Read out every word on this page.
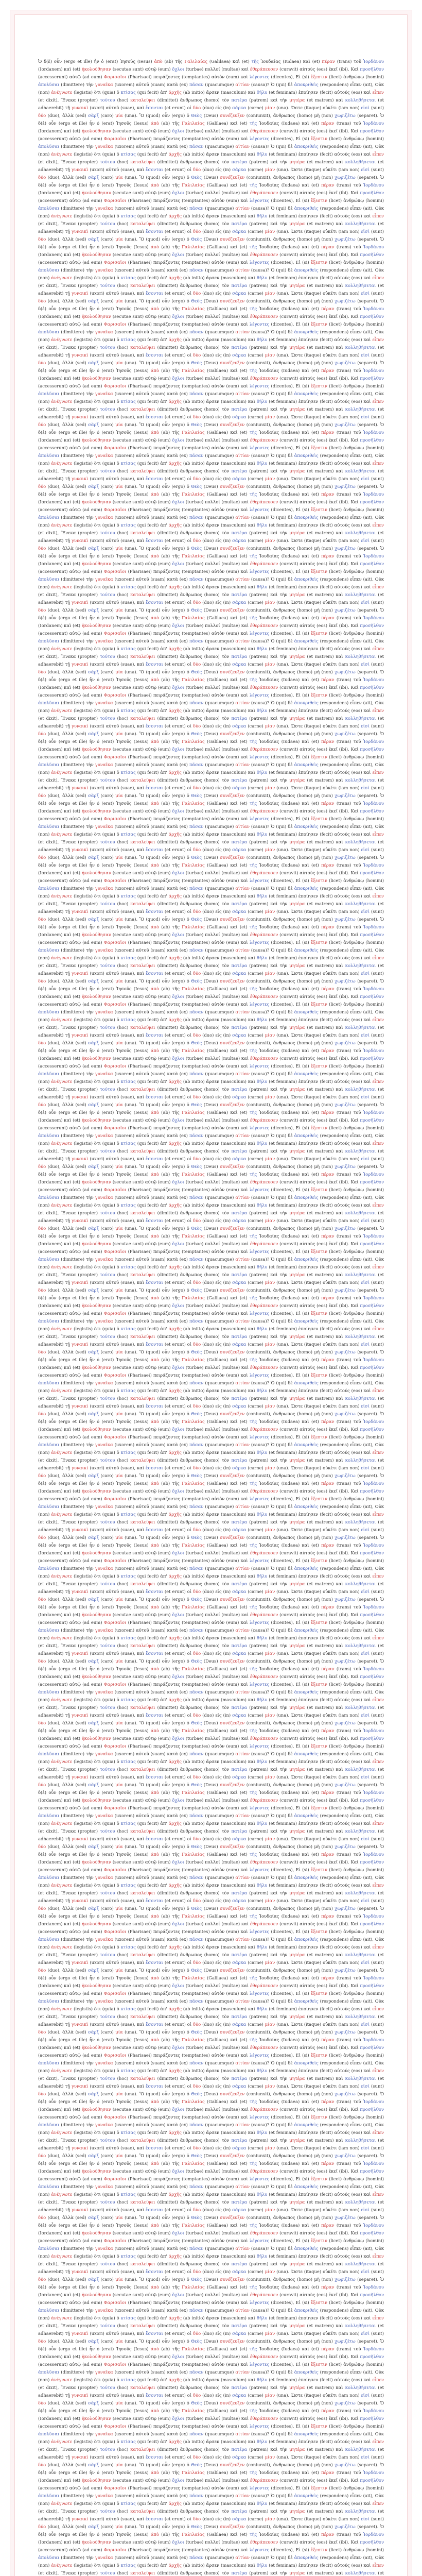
Ὁ δ(ὲ) οὖν (ergo et ille) ἦν ὁ (erat) Ἰησοῦς (Iesus) ἀπὸ (ab) τῆς Γαλιλαίας (Galilaea) καὶ (et) τῆς Ἰουδαίας (Iudaea) καὶ (et) πέραν (trans) τοῦ Ἰορδάνου (Iordanem) καὶ (et) ἠκολούθησαν (secutae sunt) αὐτῷ (eum) ὄχλοι (turbae) πολλοί (multae) καὶ ἐθεράπευσεν (curavit) αὐτοὺς (eos) ἐκεῖ (ibi). Καὶ προσῆλθον (accesserunt) αὐτῷ (ad eum) Φαρισαῖοι (Pharisaei) πειράζοντες (temptantes) αὐτὸν (eum) καὶ λέγοντες (dicentes), Εἰ (si) ἔξεστιν (licet) ἀνθρώπῳ (homini) ἀπολῦσαι (dimittere) τὴν γυναῖκα (uxorem) αὐτοῦ (suam) κατὰ (ex) πᾶσαν (quacumque) αἰτίαν (causa)? Ὁ (qui) δὲ ἀποκριθεὶς (respondens) εἶπεν (ait), Οὐκ (non) ἀνέγνωτε (legistis) ὅτι (quia) ὁ κτίσας (qui fecit) ἀπ' ἀρχῆς (ab initio) ἄρσεν (masculum) καὶ θῆλυ (et feminam) ἐποίησεν (fecit) αὐτούς (eos) καὶ εἶπεν (et dixit), Ἕνεκα (propter) τούτου (hoc) καταλείψει (dimittet) ἄνθρωπος (homo) τὸν πατέρα (patrem) καὶ τὴν μητέρα (et matrem) καὶ κολληθήσεται (et adhaerebit) τῇ γυναικὶ (uxori) αὐτοῦ (suae), καὶ ἔσονται (et erunt) οἱ δύο (duo) εἰς (in) σάρκα (carne) μίαν (una). Ὥστε (itaque) οὐκέτι (iam non) εἰσὶ (sunt) δύο (duo), ἀλλὰ (sed) σὰρξ (caro) μία (una). Ὃ (quod) οὖν (ergo) ὁ Θεὸς (Deus) συνέζευξεν (coniunxit), ἄνθρωπος (homo) μὴ (non) χωριζέτω (separet). Ὁ δ(ὲ) οὖν (ergo et ille) ἦν ὁ (erat) Ἰησοῦς (Iesus) ἀπὸ (ab) τῆς Γαλιλαίας (Galilaea) καὶ (et) τῆς Ἰουδαίας (Iudaea) καὶ (et) πέραν (trans) τοῦ Ἰορδάνου (Iordanem) καὶ (et) ἠκολούθησαν (secutae sunt) αὐτῷ (eum) ὄχλοι (turbae) πολλοί (multae) καὶ ἐθεράπευσεν (curavit) αὐτοὺς (eos) ἐκεῖ (ibi). Καὶ προσῆλθον (accesserunt) αὐτῷ (ad eum) Φαρισαῖοι (Pharisaei) πειράζοντες (temptantes) αὐτὸν (eum) καὶ λέγοντες (dicentes), Εἰ (si) ἔξεστιν (licet) ἀνθρώπῳ (homini) ἀπολῦσαι (dimittere) τὴν γυναῖκα (uxorem) αὐτοῦ (suam) κατὰ (ex) πᾶσαν (quacumque) αἰτίαν (causa)? Ὁ (qui) δὲ ἀποκριθεὶς (respondens) εἶπεν (ait), Οὐκ (non) ἀνέγνωτε (legistis) ὅτι (quia) ὁ κτίσας (qui fecit) ἀπ' ἀρχῆς (ab initio) ἄρσεν (masculum) καὶ θῆλυ (et feminam) ἐποίησεν (fecit) αὐτούς (eos) καὶ εἶπεν (et dixit), Ἕνεκα (propter) τούτου (hoc) καταλείψει (dimittet) ἄνθρωπος (homo) τὸν πατέρα (patrem) καὶ τὴν μητέρα (et matrem) καὶ κολληθήσεται (et adhaerebit) τῇ γυναικὶ (uxori) αὐτοῦ (suae), καὶ ἔσονται (et erunt) οἱ δύο (duo) εἰς (in) σάρκα (carne) μίαν (una). Ὥστε (itaque) οὐκέτι (iam non) εἰσὶ (sunt) δύο (duo), ἀλλὰ (sed) σὰρξ (caro) μία (una). Ὃ (quod) οὖν (ergo) ὁ Θεὸς (Deus) συνέζευξεν (coniunxit), ἄνθρωπος (homo) μὴ (non) χωριζέτω (separet). Ὁ δ(ὲ) οὖν (ergo et ille) ἦν ὁ (erat) Ἰησοῦς (Iesus) ἀπὸ (ab) τῆς Γαλιλαίας (Galilaea) καὶ (et) τῆς Ἰουδαίας (Iudaea) καὶ (et) πέραν (trans) τοῦ Ἰορδάνου (Iordanem) καὶ (et) ἠκολούθησαν (secutae sunt) αὐτῷ (eum) ὄχλοι (turbae) πολλοί (multae) καὶ ἐθεράπευσεν (curavit) αὐτοὺς (eos) ἐκεῖ (ibi). Καὶ προσῆλθον (accesserunt) αὐτῷ (ad eum) Φαρισαῖοι (Pharisaei) πειράζοντες (temptantes) αὐτὸν (eum) καὶ λέγοντες (dicentes), Εἰ (si) ἔξεστιν (licet) ἀνθρώπῳ (homini) ἀπολῦσαι (dimittere) τὴν γυναῖκα (uxorem) αὐτοῦ (suam) κατὰ (ex) πᾶσαν (quacumque) αἰτίαν (causa)? Ὁ (qui) δὲ ἀποκριθεὶς (respondens) εἶπεν (ait), Οὐκ (non) ἀνέγνωτε (legistis) ὅτι (quia) ὁ κτίσας (qui fecit) ἀπ' ἀρχῆς (ab initio) ἄρσεν (masculum) καὶ θῆλυ (et feminam) ἐποίησεν (fecit) αὐτούς (eos) καὶ εἶπεν (et dixit), Ἕνεκα (propter) τούτου (hoc) καταλείψει (dimittet) ἄνθρωπος (homo) τὸν πατέρα (patrem) καὶ τὴν μητέρα (et matrem) καὶ κολληθήσεται (et adhaerebit) τῇ γυναικὶ (uxori) αὐτοῦ (suae), καὶ ἔσονται (et erunt) οἱ δύο (duo) εἰς (in) σάρκα (carne) μίαν (una). Ὥστε (itaque) οὐκέτι (iam non) εἰσὶ (sunt) δύο (duo), ἀλλὰ (sed) σὰρξ (caro) μία (una). Ὃ (quod) οὖν (ergo) ὁ Θεὸς (Deus) συνέζευξεν (coniunxit), ἄνθρωπος (homo) μὴ (non) χωριζέτω (separet). Ὁ δ(ὲ) οὖν (ergo et ille) ἦν ὁ (erat) Ἰησοῦς (Iesus) ἀπὸ (ab) τῆς Γαλιλαίας (Galilaea) καὶ (et) τῆς Ἰουδαίας (Iudaea) καὶ (et) πέραν (trans) τοῦ Ἰορδάνου (Iordanem) καὶ (et) ἠκολούθησαν (secutae sunt) αὐτῷ (eum) ὄχλοι (turbae) πολλοί (multae) καὶ ἐθεράπευσεν (curavit) αὐτοὺς (eos) ἐκεῖ (ibi). Καὶ προσῆλθον (accesserunt) αὐτῷ (ad eum) Φαρισαῖοι (Pharisaei) πειράζοντες (temptantes) αὐτὸν (eum) καὶ λέγοντες (dicentes), Εἰ (si) ἔξεστιν (licet) ἀνθρώπῳ (homini) ἀπολῦσαι (dimittere) τὴν γυναῖκα (uxorem) αὐτοῦ (suam) κατὰ (ex) πᾶσαν (quacumque) αἰτίαν (causa)? Ὁ (qui) δὲ ἀποκριθεὶς (respondens) εἶπεν (ait), Οὐκ (non) ἀνέγνωτε (legistis) ὅτι (quia) ὁ κτίσας (qui fecit) ἀπ' ἀρχῆς (ab initio) ἄρσεν (masculum) καὶ θῆλυ (et feminam) ἐποίησεν (fecit) αὐτούς (eos) καὶ εἶπεν (et dixit), Ἕνεκα (propter) τούτου (hoc) καταλείψει (dimittet) ἄνθρωπος (homo) τὸν πατέρα (patrem) καὶ τὴν μητέρα (et matrem) καὶ κολληθήσεται (et adhaerebit) τῇ γυναικὶ (uxori) αὐτοῦ (suae), καὶ ἔσονται (et erunt) οἱ δύο (duo) εἰς (in) σάρκα (carne) μίαν (una). Ὥστε (itaque) οὐκέτι (iam non) εἰσὶ (sunt) δύο (duo), ἀλλὰ (sed) σὰρξ (caro) μία (una). Ὃ (quod) οὖν (ergo) ὁ Θεὸς (Deus) συνέζευξεν (coniunxit), ἄνθρωπος (homo) μὴ (non) χωριζέτω (separet). Ὁ δ(ὲ) οὖν (ergo et ille) ἦν ὁ (erat) Ἰησοῦς (Iesus) ἀπὸ (ab) τῆς Γαλιλαίας (Galilaea) καὶ (et) τῆς Ἰουδαίας (Iudaea) καὶ (et) πέραν (trans) τοῦ Ἰορδάνου (Iordanem) καὶ (et) ἠκολούθησαν (secutae sunt) αὐτῷ (eum) ὄχλοι (turbae) πολλοί (multae) καὶ ἐθεράπευσεν (curavit) αὐτοὺς (eos) ἐκεῖ (ibi). Καὶ προσῆλθον (accesserunt) αὐτῷ (ad eum) Φαρισαῖοι (Pharisaei) πειράζοντες (temptantes) αὐτὸν (eum) καὶ λέγοντες (dicentes), Εἰ (si) ἔξεστιν (licet) ἀνθρώπῳ (homini) ἀπολῦσαι (dimittere) τὴν γυναῖκα (uxorem) αὐτοῦ (suam) κατὰ (ex) πᾶσαν (quacumque) αἰτίαν (causa)? Ὁ (qui) δὲ ἀποκριθεὶς (respondens) εἶπεν (ait), Οὐκ (non) ἀνέγνωτε (legistis) ὅτι (quia) ὁ κτίσας (qui fecit) ἀπ' ἀρχῆς (ab initio) ἄρσεν (masculum) καὶ θῆλυ (et feminam) ἐποίησεν (fecit) αὐτούς (eos) καὶ εἶπεν (et dixit), Ἕνεκα (propter) τούτου (hoc) καταλείψει (dimittet) ἄνθρωπος (homo) τὸν πατέρα (patrem) καὶ τὴν μητέρα (et matrem) καὶ κολληθήσεται (et adhaerebit) τῇ γυναικὶ (uxori) αὐτοῦ (suae), καὶ ἔσονται (et erunt) οἱ δύο (duo) εἰς (in) σάρκα (carne) μίαν (una). Ὥστε (itaque) οὐκέτι (iam non) εἰσὶ (sunt) δύο (duo), ἀλλὰ (sed) σὰρξ (caro) μία (una). Ὃ (quod) οὖν (ergo) ὁ Θεὸς (Deus) συνέζευξεν (coniunxit), ἄνθρωπος (homo) μὴ (non) χωριζέτω (separet). Ὁ δ(ὲ) οὖν (ergo et ille) ἦν ὁ (erat) Ἰησοῦς (Iesus) ἀπὸ (ab) τῆς Γαλιλαίας (Galilaea) καὶ (et) τῆς Ἰουδαίας (Iudaea) καὶ (et) πέραν (trans) τοῦ Ἰορδάνου (Iordanem) καὶ (et) ἠκολούθησαν (secutae sunt) αὐτῷ (eum) ὄχλοι (turbae) πολλοί (multae) καὶ ἐθεράπευσεν (curavit) αὐτοὺς (eos) ἐκεῖ (ibi). Καὶ προσῆλθον (accesserunt) αὐτῷ (ad eum) Φαρισαῖοι (Pharisaei) πειράζοντες (temptantes) αὐτὸν (eum) καὶ λέγοντες (dicentes), Εἰ (si) ἔξεστιν (licet) ἀνθρώπῳ (homini) ἀπολῦσαι (dimittere) τὴν γυναῖκα (uxorem) αὐτοῦ (suam) κατὰ (ex) πᾶσαν (quacumque) αἰτίαν (causa)? Ὁ (qui) δὲ ἀποκριθεὶς (respondens) εἶπεν (ait), Οὐκ (non) ἀνέγνωτε (legistis) ὅτι (quia) ὁ κτίσας (qui fecit) ἀπ' ἀρχῆς (ab initio) ἄρσεν (masculum) καὶ θῆλυ (et feminam) ἐποίησεν (fecit) αὐτούς (eos) καὶ εἶπεν (et dixit), Ἕνεκα (propter) τούτου (hoc) καταλείψει (dimittet) ἄνθρωπος (homo) τὸν πατέρα (patrem) καὶ τὴν μητέρα (et matrem) καὶ κολληθήσεται (et adhaerebit) τῇ γυναικὶ (uxori) αὐτοῦ (suae), καὶ ἔσονται (et erunt) οἱ δύο (duo) εἰς (in) σάρκα (carne) μίαν (una). Ὥστε (itaque) οὐκέτι (iam non) εἰσὶ (sunt) δύο (duo), ἀλλὰ (sed) σὰρξ (caro) μία (una). Ὃ (quod) οὖν (ergo) ὁ Θεὸς (Deus) συνέζευξεν (coniunxit), ἄνθρωπος (homo) μὴ (non) χωριζέτω (separet). Ὁ δ(ὲ) οὖν (ergo et ille) ἦν ὁ (erat) Ἰησοῦς (Iesus) ἀπὸ (ab) τῆς Γαλιλαίας (Galilaea) καὶ (et) τῆς Ἰουδαίας (Iudaea) καὶ (et) πέραν (trans) τοῦ Ἰορδάνου (Iordanem) καὶ (et) ἠκολούθησαν (secutae sunt) αὐτῷ (eum) ὄχλοι (turbae) πολλοί (multae) καὶ ἐθεράπευσεν (curavit) αὐτοὺς (eos) ἐκεῖ (ibi). Καὶ προσῆλθον (accesserunt) αὐτῷ (ad eum) Φαρισαῖοι (Pharisaei) πειράζοντες (temptantes) αὐτὸν (eum) καὶ λέγοντες (dicentes), Εἰ (si) ἔξεστιν (licet) ἀνθρώπῳ (homini) ἀπολῦσαι (dimittere) τὴν γυναῖκα (uxorem) αὐτοῦ (suam) κατὰ (ex) πᾶσαν (quacumque) αἰτίαν (causa)? Ὁ (qui) δὲ ἀποκριθεὶς (respondens) εἶπεν (ait), Οὐκ (non) ἀνέγνωτε (legistis) ὅτι (quia) ὁ κτίσας (qui fecit) ἀπ' ἀρχῆς (ab initio) ἄρσεν (masculum) καὶ θῆλυ (et feminam) ἐποίησεν (fecit) αὐτούς (eos) καὶ εἶπεν (et dixit), Ἕνεκα (propter) τούτου (hoc) καταλείψει (dimittet) ἄνθρωπος (homo) τὸν πατέρα (patrem) καὶ τὴν μητέρα (et matrem) καὶ κολληθήσεται (et adhaerebit) τῇ γυναικὶ (uxori) αὐτοῦ (suae), καὶ ἔσονται (et erunt) οἱ δύο (duo) εἰς (in) σάρκα (carne) μίαν (una). Ὥστε (itaque) οὐκέτι (iam non) εἰσὶ (sunt) δύο (duo), ἀλλὰ (sed) σὰρξ (caro) μία (una). Ὃ (quod) οὖν (ergo) ὁ Θεὸς (Deus) συνέζευξεν (coniunxit), ἄνθρωπος (homo) μὴ (non) χωριζέτω (separet). Ὁ δ(ὲ) οὖν (ergo et ille) ἦν ὁ (erat) Ἰησοῦς (Iesus) ἀπὸ (ab) τῆς Γαλιλαίας (Galilaea) καὶ (et) τῆς Ἰουδαίας (Iudaea) καὶ (et) πέραν (trans) τοῦ Ἰορδάνου (Iordanem) καὶ (et) ἠκολούθησαν (secutae sunt) αὐτῷ (eum) ὄχλοι (turbae) πολλοί (multae) καὶ ἐθεράπευσεν (curavit) αὐτοὺς (eos) ἐκεῖ (ibi). Καὶ προσῆλθον (accesserunt) αὐτῷ (ad eum) Φαρισαῖοι (Pharisaei) πειράζοντες (temptantes) αὐτὸν (eum) καὶ λέγοντες (dicentes), Εἰ (si) ἔξεστιν (licet) ἀνθρώπῳ (homini) ἀπολῦσαι (dimittere) τὴν γυναῖκα (uxorem) αὐτοῦ (suam) κατὰ (ex) πᾶσαν (quacumque) αἰτίαν (causa)? Ὁ (qui) δὲ ἀποκριθεὶς (respondens) εἶπεν (ait), Οὐκ (non) ἀνέγνωτε (legistis) ὅτι (quia) ὁ κτίσας (qui fecit) ἀπ' ἀρχῆς (ab initio) ἄρσεν (masculum) καὶ θῆλυ (et feminam) ἐποίησεν (fecit) αὐτούς (eos) καὶ εἶπεν (et dixit), Ἕνεκα (propter) τούτου (hoc) καταλείψει (dimittet) ἄνθρωπος (homo) τὸν πατέρα (patrem) καὶ τὴν μητέρα (et matrem) καὶ κολληθήσεται (et adhaerebit) τῇ γυναικὶ (uxori) αὐτοῦ (suae), καὶ ἔσονται (et erunt) οἱ δύο (duo) εἰς (in) σάρκα (carne) μίαν (una). Ὥστε (itaque) οὐκέτι (iam non) εἰσὶ (sunt) δύο (duo), ἀλλὰ (sed) σὰρξ (caro) μία (una). Ὃ (quod) οὖν (ergo) ὁ Θεὸς (Deus) συνέζευξεν (coniunxit), ἄνθρωπος (homo) μὴ (non) χωριζέτω (separet). Ὁ δ(ὲ) οὖν (ergo et ille) ἦν ὁ (erat) Ἰησοῦς (Iesus) ἀπὸ (ab) τῆς Γαλιλαίας (Galilaea) καὶ (et) τῆς Ἰουδαίας (Iudaea) καὶ (et) πέραν (trans) τοῦ Ἰορδάνου (Iordanem) καὶ (et) ἠκολούθησαν (secutae sunt) αὐτῷ (eum) ὄχλοι (turbae) πολλοί (multae) καὶ ἐθεράπευσεν (curavit) αὐτοὺς (eos) ἐκεῖ (ibi). Καὶ προσῆλθον (accesserunt) αὐτῷ (ad eum) Φαρισαῖοι (Pharisaei) πειράζοντες (temptantes) αὐτὸν (eum) καὶ λέγοντες (dicentes), Εἰ (si) ἔξεστιν (licet) ἀνθρώπῳ (homini) ἀπολῦσαι (dimittere) τὴν γυναῖκα (uxorem) αὐτοῦ (suam) κατὰ (ex) πᾶσαν (quacumque) αἰτίαν (causa)? Ὁ (qui) δὲ ἀποκριθεὶς (respondens) εἶπεν (ait), Οὐκ (non) ἀνέγνωτε (legistis) ὅτι (quia) ὁ κτίσας (qui fecit) ἀπ' ἀρχῆς (ab initio) ἄρσεν (masculum) καὶ θῆλυ (et feminam) ἐποίησεν (fecit) αὐτούς (eos) καὶ εἶπεν (et dixit), Ἕνεκα (propter) τούτου (hoc) καταλείψει (dimittet) ἄνθρωπος (homo) τὸν πατέρα (patrem) καὶ τὴν μητέρα (et matrem) καὶ κολληθήσεται (et adhaerebit) τῇ γυναικὶ (uxori) αὐτοῦ (suae), καὶ ἔσονται (et erunt) οἱ δύο (duo) εἰς (in) σάρκα (carne) μίαν (una). Ὥστε (itaque) οὐκέτι (iam non) εἰσὶ (sunt) δύο (duo), ἀλλὰ (sed) σὰρξ (caro) μία (una). Ὃ (quod) οὖν (ergo) ὁ Θεὸς (Deus) συνέζευξεν (coniunxit), ἄνθρωπος (homo) μὴ (non) χωριζέτω (separet). Ὁ δ(ὲ) οὖν (ergo et ille) ἦν ὁ (erat) Ἰησοῦς (Iesus) ἀπὸ (ab) τῆς Γαλιλαίας (Galilaea) καὶ (et) τῆς Ἰουδαίας (Iudaea) καὶ (et) πέραν (trans) τοῦ Ἰορδάνου (Iordanem) καὶ (et) ἠκολούθησαν (secutae sunt) αὐτῷ (eum) ὄχλοι (turbae) πολλοί (multae) καὶ ἐθεράπευσεν (curavit) αὐτοὺς (eos) ἐκεῖ (ibi). Καὶ προσῆλθον (accesserunt) αὐτῷ (ad eum) Φαρισαῖοι (Pharisaei) πειράζοντες (temptantes) αὐτὸν (eum) καὶ λέγοντες (dicentes), Εἰ (si) ἔξεστιν (licet) ἀνθρώπῳ (homini) ἀπολῦσαι (dimittere) τὴν γυναῖκα (uxorem) αὐτοῦ (suam) κατὰ (ex) πᾶσαν (quacumque) αἰτίαν (causa)? Ὁ (qui) δὲ ἀποκριθεὶς (respondens) εἶπεν (ait), Οὐκ (non) ἀνέγνωτε (legistis) ὅτι (quia) ὁ κτίσας (qui fecit) ἀπ' ἀρχῆς (ab initio) ἄρσεν (masculum) καὶ θῆλυ (et feminam) ἐποίησεν (fecit) αὐτούς (eos) καὶ εἶπεν (et dixit), Ἕνεκα (propter) τούτου (hoc) καταλείψει (dimittet) ἄνθρωπος (homo) τὸν πατέρα (patrem) καὶ τὴν μητέρα (et matrem) καὶ κολληθήσεται (et adhaerebit) τῇ γυναικὶ (uxori) αὐτοῦ (suae), καὶ ἔσονται (et erunt) οἱ δύο (duo) εἰς (in) σάρκα (carne) μίαν (una). Ὥστε (itaque) οὐκέτι (iam non) εἰσὶ (sunt) δύο (duo), ἀλλὰ (sed) σὰρξ (caro) μία (una). Ὃ (quod) οὖν (ergo) ὁ Θεὸς (Deus) συνέζευξεν (coniunxit), ἄνθρωπος (homo) μὴ (non) χωριζέτω (separet). Ὁ δ(ὲ) οὖν (ergo et ille) ἦν ὁ (erat) Ἰησοῦς (Iesus) ἀπὸ (ab) τῆς Γαλιλαίας (Galilaea) καὶ (et) τῆς Ἰουδαίας (Iudaea) καὶ (et) πέραν (trans) τοῦ Ἰορδάνου (Iordanem) καὶ (et) ἠκολούθησαν (secutae sunt) αὐτῷ (eum) ὄχλοι (turbae) πολλοί (multae) καὶ ἐθεράπευσεν (curavit) αὐτοὺς (eos) ἐκεῖ (ibi). Καὶ προσῆλθον (accesserunt) αὐτῷ (ad eum) Φαρισαῖοι (Pharisaei) πειράζοντες (temptantes) αὐτὸν (eum) καὶ λέγοντες (dicentes), Εἰ (si) ἔξεστιν (licet) ἀνθρώπῳ (homini) ἀπολῦσαι (dimittere) τὴν γυναῖκα (uxorem) αὐτοῦ (suam) κατὰ (ex) πᾶσαν (quacumque) αἰτίαν (causa)? Ὁ (qui) δὲ ἀποκριθεὶς (respondens) εἶπεν (ait), Οὐκ (non) ἀνέγνωτε (legistis) ὅτι (quia) ὁ κτίσας (qui fecit) ἀπ' ἀρχῆς (ab initio) ἄρσεν (masculum) καὶ θῆλυ (et feminam) ἐποίησεν (fecit) αὐτούς (eos) καὶ εἶπεν (et dixit), Ἕνεκα (propter) τούτου (hoc) καταλείψει (dimittet) ἄνθρωπος (homo) τὸν πατέρα (patrem) καὶ τὴν μητέρα (et matrem) καὶ κολληθήσεται (et adhaerebit) τῇ γυναικὶ (uxori) αὐτοῦ (suae), καὶ ἔσονται (et erunt) οἱ δύο (duo) εἰς (in) σάρκα (carne) μίαν (una). Ὥστε (itaque) οὐκέτι (iam non) εἰσὶ (sunt) δύο (duo), ἀλλὰ (sed) σὰρξ (caro) μία (una). Ὃ (quod) οὖν (ergo) ὁ Θεὸς (Deus) συνέζευξεν (coniunxit), ἄνθρωπος (homo) μὴ (non) χωριζέτω (separet). Ὁ δ(ὲ) οὖν (ergo et ille) ἦν ὁ (erat) Ἰησοῦς (Iesus) ἀπὸ (ab) τῆς Γαλιλαίας (Galilaea) καὶ (et) τῆς Ἰουδαίας (Iudaea) καὶ (et) πέραν (trans) τοῦ Ἰορδάνου (Iordanem) καὶ (et) ἠκολούθησαν (secutae sunt) αὐτῷ (eum) ὄχλοι (turbae) πολλοί (multae) καὶ ἐθεράπευσεν (curavit) αὐτοὺς (eos) ἐκεῖ (ibi). Καὶ προσῆλθον (accesserunt) αὐτῷ (ad eum) Φαρισαῖοι (Pharisaei) πειράζοντες (temptantes) αὐτὸν (eum) καὶ λέγοντες (dicentes), Εἰ (si) ἔξεστιν (licet) ἀνθρώπῳ (homini) ἀπολῦσαι (dimittere) τὴν γυναῖκα (uxorem) αὐτοῦ (suam) κατὰ (ex) πᾶσαν (quacumque) αἰτίαν (causa)? Ὁ (qui) δὲ ἀποκριθεὶς (respondens) εἶπεν (ait), Οὐκ (non) ἀνέγνωτε (legistis) ὅτι (quia) ὁ κτίσας (qui fecit) ἀπ' ἀρχῆς (ab initio) ἄρσεν (masculum) καὶ θῆλυ (et feminam) ἐποίησεν (fecit) αὐτούς (eos) καὶ εἶπεν (et dixit), Ἕνεκα (propter) τούτου (hoc) καταλείψει (dimittet) ἄνθρωπος (homo) τὸν πατέρα (patrem) καὶ τὴν μητέρα (et matrem) καὶ κολληθήσεται (et adhaerebit) τῇ γυναικὶ (uxori) αὐτοῦ (suae), καὶ ἔσονται (et erunt) οἱ δύο (duo) εἰς (in) σάρκα (carne) μίαν (una). Ὥστε (itaque) οὐκέτι (iam non) εἰσὶ (sunt) δύο (duo), ἀλλὰ (sed) σὰρξ (caro) μία (una). Ὃ (quod) οὖν (ergo) ὁ Θεὸς (Deus) συνέζευξεν (coniunxit), ἄνθρωπος (homo) μὴ (non) χωριζέτω (separet). Ὁ δ(ὲ) οὖν (ergo et ille) ἦν ὁ (erat) Ἰησοῦς (Iesus) ἀπὸ (ab) τῆς Γαλιλαίας (Galilaea) καὶ (et) τῆς Ἰουδαίας (Iudaea) καὶ (et) πέραν (trans) τοῦ Ἰορδάνου (Iordanem) καὶ (et) ἠκολούθησαν (secutae sunt) αὐτῷ (eum) ὄχλοι (turbae) πολλοί (multae) καὶ ἐθεράπευσεν (curavit) αὐτοὺς (eos) ἐκεῖ (ibi). Καὶ προσῆλθον (accesserunt) αὐτῷ (ad eum) Φαρισαῖοι (Pharisaei) πειράζοντες (temptantes) αὐτὸν (eum) καὶ λέγοντες (dicentes), Εἰ (si) ἔξεστιν (licet) ἀνθρώπῳ (homini) ἀπολῦσαι (dimittere) τὴν γυναῖκα (uxorem) αὐτοῦ (suam) κατὰ (ex) πᾶσαν (quacumque) αἰτίαν (causa)? Ὁ (qui) δὲ ἀποκριθεὶς (respondens) εἶπεν (ait), Οὐκ (non) ἀνέγνωτε (legistis) ὅτι (quia) ὁ κτίσας (qui fecit) ἀπ' ἀρχῆς (ab initio) ἄρσεν (masculum) καὶ θῆλυ (et feminam) ἐποίησεν (fecit) αὐτούς (eos) καὶ εἶπεν (et dixit), Ἕνεκα (propter) τούτου (hoc) καταλείψει (dimittet) ἄνθρωπος (homo) τὸν πατέρα (patrem) καὶ τὴν μητέρα (et matrem) καὶ κολληθήσεται (et adhaerebit) τῇ γυναικὶ (uxori) αὐτοῦ (suae), καὶ ἔσονται (et erunt) οἱ δύο (duo) εἰς (in) σάρκα (carne) μίαν (una). Ὥστε (itaque) οὐκέτι (iam non) εἰσὶ (sunt) δύο (duo), ἀλλὰ (sed) σὰρξ (caro) μία (una). Ὃ (quod) οὖν (ergo) ὁ Θεὸς (Deus) συνέζευξεν (coniunxit), ἄνθρωπος (homo) μὴ (non) χωριζέτω (separet). Ὁ δ(ὲ) οὖν (ergo et ille) ἦν ὁ (erat) Ἰησοῦς (Iesus) ἀπὸ (ab) τῆς Γαλιλαίας (Galilaea) καὶ (et) τῆς Ἰουδαίας (Iudaea) καὶ (et) πέραν (trans) τοῦ Ἰορδάνου (Iordanem) καὶ (et) ἠκολούθησαν (secutae sunt) αὐτῷ (eum) ὄχλοι (turbae) πολλοί (multae) καὶ ἐθεράπευσεν (curavit) αὐτοὺς (eos) ἐκεῖ (ibi). Καὶ προσῆλθον (accesserunt) αὐτῷ (ad eum) Φαρισαῖοι (Pharisaei) πειράζοντες (temptantes) αὐτὸν (eum) καὶ λέγοντες (dicentes), Εἰ (si) ἔξεστιν (licet) ἀνθρώπῳ (homini) ἀπολῦσαι (dimittere) τὴν γυναῖκα (uxorem) αὐτοῦ (suam) κατὰ (ex) πᾶσαν (quacumque) αἰτίαν (causa)? Ὁ (qui) δὲ ἀποκριθεὶς (respondens) εἶπεν (ait), Οὐκ (non) ἀνέγνωτε (legistis) ὅτι (quia) ὁ κτίσας (qui fecit) ἀπ' ἀρχῆς (ab initio) ἄρσεν (masculum) καὶ θῆλυ (et feminam) ἐποίησεν (fecit) αὐτούς (eos) καὶ εἶπεν (et dixit), Ἕνεκα (propter) τούτου (hoc) καταλείψει (dimittet) ἄνθρωπος (homo) τὸν πατέρα (patrem) καὶ τὴν μητέρα (et matrem) καὶ κολληθήσεται (et adhaerebit) τῇ γυναικὶ (uxori) αὐτοῦ (suae), καὶ ἔσονται (et erunt) οἱ δύο (duo) εἰς (in) σάρκα (carne) μίαν (una). Ὥστε (itaque) οὐκέτι (iam non) εἰσὶ (sunt) δύο (duo), ἀλλὰ (sed) σὰρξ (caro) μία (una). Ὃ (quod) οὖν (ergo) ὁ Θεὸς (Deus) συνέζευξεν (coniunxit), ἄνθρωπος (homo) μὴ (non) χωριζέτω (separet). Ὁ δ(ὲ) οὖν (ergo et ille) ἦν ὁ (erat) Ἰησοῦς (Iesus) ἀπὸ (ab) τῆς Γαλιλαίας (Galilaea) καὶ (et) τῆς Ἰουδαίας (Iudaea) καὶ (et) πέραν (trans) τοῦ Ἰορδάνου (Iordanem) καὶ (et) ἠκολούθησαν (secutae sunt) αὐτῷ (eum) ὄχλοι (turbae) πολλοί (multae) καὶ ἐθεράπευσεν (curavit) αὐτοὺς (eos) ἐκεῖ (ibi). Καὶ προσῆλθον (accesserunt) αὐτῷ (ad eum) Φαρισαῖοι (Pharisaei) πειράζοντες (temptantes) αὐτὸν (eum) καὶ λέγοντες (dicentes), Εἰ (si) ἔξεστιν (licet) ἀνθρώπῳ (homini) ἀπολῦσαι (dimittere) τὴν γυναῖκα (uxorem) αὐτοῦ (suam) κατὰ (ex) πᾶσαν (quacumque) αἰτίαν (causa)? Ὁ (qui) δὲ ἀποκριθεὶς (respondens) εἶπεν (ait), Οὐκ (non) ἀνέγνωτε (legistis) ὅτι (quia) ὁ κτίσας (qui fecit) ἀπ' ἀρχῆς (ab initio) ἄρσεν (masculum) καὶ θῆλυ (et feminam) ἐποίησεν (fecit) αὐτούς (eos) καὶ εἶπεν (et dixit), Ἕνεκα (propter) τούτου (hoc) καταλείψει (dimittet) ἄνθρωπος (homo) τὸν πατέρα (patrem) καὶ τὴν μητέρα (et matrem) καὶ κολληθήσεται (et adhaerebit) τῇ γυναικὶ (uxori) αὐτοῦ (suae), καὶ ἔσονται (et erunt) οἱ δύο (duo) εἰς (in) σάρκα (carne) μίαν (una). Ὥστε (itaque) οὐκέτι (iam non) εἰσὶ (sunt) δύο (duo), ἀλλὰ (sed) σὰρξ (caro) μία (una). Ὃ (quod) οὖν (ergo) ὁ Θεὸς (Deus) συνέζευξεν (coniunxit), ἄνθρωπος (homo) μὴ (non) χωριζέτω (separet). Ὁ δ(ὲ) οὖν (ergo et ille) ἦν ὁ (erat) Ἰησοῦς (Iesus) ἀπὸ (ab) τῆς Γαλιλαίας (Galilaea) καὶ (et) τῆς Ἰουδαίας (Iudaea) καὶ (et) πέραν (trans) τοῦ Ἰορδάνου (Iordanem) καὶ (et) ἠκολούθησαν (secutae sunt) αὐτῷ (eum) ὄχλοι (turbae) πολλοί (multae) καὶ ἐθεράπευσεν (curavit) αὐτοὺς (eos) ἐκεῖ (ibi). Καὶ προσῆλθον (accesserunt) αὐτῷ (ad eum) Φαρισαῖοι (Pharisaei) πειράζοντες (temptantes) αὐτὸν (eum) καὶ λέγοντες (dicentes), Εἰ (si) ἔξεστιν (licet) ἀνθρώπῳ (homini) ἀπολῦσαι (dimittere) τὴν γυναῖκα (uxorem) αὐτοῦ (suam) κατὰ (ex) πᾶσαν (quacumque) αἰτίαν (causa)? Ὁ (qui) δὲ ἀποκριθεὶς (respondens) εἶπεν (ait), Οὐκ (non) ἀνέγνωτε (legistis) ὅτι (quia) ὁ κτίσας (qui fecit) ἀπ' ἀρχῆς (ab initio) ἄρσεν (masculum) καὶ θῆλυ (et feminam) ἐποίησεν (fecit) αὐτούς (eos) καὶ εἶπεν (et dixit), Ἕνεκα (propter) τούτου (hoc) καταλείψει (dimittet) ἄνθρωπος (homo) τὸν πατέρα (patrem) καὶ τὴν μητέρα (et matrem) καὶ κολληθήσεται (et adhaerebit) τῇ γυναικὶ (uxori) αὐτοῦ (suae), καὶ ἔσονται (et erunt) οἱ δύο (duo) εἰς (in) σάρκα (carne) μίαν (una). Ὥστε (itaque) οὐκέτι (iam non) εἰσὶ (sunt) δύο (duo), ἀλλὰ (sed) σὰρξ (caro) μία (una). Ὃ (quod) οὖν (ergo) ὁ Θεὸς (Deus) συνέζευξεν (coniunxit), ἄνθρωπος (homo) μὴ (non) χωριζέτω (separet). Ὁ δ(ὲ) οὖν (ergo et ille) ἦν ὁ (erat) Ἰησοῦς (Iesus) ἀπὸ (ab) τῆς Γαλιλαίας (Galilaea) καὶ (et) τῆς Ἰουδαίας (Iudaea) καὶ (et) πέραν (trans) τοῦ Ἰορδάνου (Iordanem) καὶ (et) ἠκολούθησαν (secutae sunt) αὐτῷ (eum) ὄχλοι (turbae) πολλοί (multae) καὶ ἐθεράπευσεν (curavit) αὐτοὺς (eos) ἐκεῖ (ibi). Καὶ προσῆλθον (accesserunt) αὐτῷ (ad eum) Φαρισαῖοι (Pharisaei) πειράζοντες (temptantes) αὐτὸν (eum) καὶ λέγοντες (dicentes), Εἰ (si) ἔξεστιν (licet) ἀνθρώπῳ (homini) ἀπολῦσαι (dimittere) τὴν γυναῖκα (uxorem) αὐτοῦ (suam) κατὰ (ex) πᾶσαν (quacumque) αἰτίαν (causa)? Ὁ (qui) δὲ ἀποκριθεὶς (respondens) εἶπεν (ait), Οὐκ (non) ἀνέγνωτε (legistis) ὅτι (quia) ὁ κτίσας (qui fecit) ἀπ' ἀρχῆς (ab initio) ἄρσεν (masculum) καὶ θῆλυ (et feminam) ἐποίησεν (fecit) αὐτούς (eos) καὶ εἶπεν (et dixit), Ἕνεκα (propter) τούτου (hoc) καταλείψει (dimittet) ἄνθρωπος (homo) τὸν πατέρα (patrem) καὶ τὴν μητέρα (et matrem) καὶ κολληθήσεται (et adhaerebit) τῇ γυναικὶ (uxori) αὐτοῦ (suae), καὶ ἔσονται (et erunt) οἱ δύο (duo) εἰς (in) σάρκα (carne) μίαν (una). Ὥστε (itaque) οὐκέτι (iam non) εἰσὶ (sunt) δύο (duo), ἀλλὰ (sed) σὰρξ (caro) μία (una). Ὃ (quod) οὖν (ergo) ὁ Θεὸς (Deus) συνέζευξεν (coniunxit), ἄνθρωπος (homo) μὴ (non) χωριζέτω (separet). Ὁ δ(ὲ) οὖν (ergo et ille) ἦν ὁ (erat) Ἰησοῦς (Iesus) ἀπὸ (ab) τῆς Γαλιλαίας (Galilaea) καὶ (et) τῆς Ἰουδαίας (Iudaea) καὶ (et) πέραν (trans) τοῦ Ἰορδάνου (Iordanem) καὶ (et) ἠκολούθησαν (secutae sunt) αὐτῷ (eum) ὄχλοι (turbae) πολλοί (multae) καὶ ἐθεράπευσεν (curavit) αὐτοὺς (eos) ἐκεῖ (ibi). Καὶ προσῆλθον (accesserunt) αὐτῷ (ad eum) Φαρισαῖοι (Pharisaei) πειράζοντες (temptantes) αὐτὸν (eum) καὶ λέγοντες (dicentes), Εἰ (si) ἔξεστιν (licet) ἀνθρώπῳ (homini) ἀπολῦσαι (dimittere) τὴν γυναῖκα (uxorem) αὐτοῦ (suam) κατὰ (ex) πᾶσαν (quacumque) αἰτίαν (causa)? Ὁ (qui) δὲ ἀποκριθεὶς (respondens) εἶπεν (ait), Οὐκ (non) ἀνέγνωτε (legistis) ὅτι (quia) ὁ κτίσας (qui fecit) ἀπ' ἀρχῆς (ab initio) ἄρσεν (masculum) καὶ θῆλυ (et feminam) ἐποίησεν (fecit) αὐτούς (eos) καὶ εἶπεν (et dixit), Ἕνεκα (propter) τούτου (hoc) καταλείψει (dimittet) ἄνθρωπος (homo) τὸν πατέρα (patrem) καὶ τὴν μητέρα (et matrem) καὶ κολληθήσεται (et adhaerebit) τῇ γυναικὶ (uxori) αὐτοῦ (suae), καὶ ἔσονται (et erunt) οἱ δύο (duo) εἰς (in) σάρκα (carne) μίαν (una). Ὥστε (itaque) οὐκέτι (iam non) εἰσὶ (sunt) δύο (duo), ἀλλὰ (sed) σὰρξ (caro) μία (una). Ὃ (quod) οὖν (ergo) ὁ Θεὸς (Deus) συνέζευξεν (coniunxit), ἄνθρωπος (homo) μὴ (non) χωριζέτω (separet). Ὁ δ(ὲ) οὖν (ergo et ille) ἦν ὁ (erat) Ἰησοῦς (Iesus) ἀπὸ (ab) τῆς Γαλιλαίας (Galilaea) καὶ (et) τῆς Ἰουδαίας (Iudaea) καὶ (et) πέραν (trans) τοῦ Ἰορδάνου (Iordanem) καὶ (et) ἠκολούθησαν (secutae sunt) αὐτῷ (eum) ὄχλοι (turbae) πολλοί (multae) καὶ ἐθεράπευσεν (curavit) αὐτοὺς (eos) ἐκεῖ (ibi). Καὶ προσῆλθον (accesserunt) αὐτῷ (ad eum) Φαρισαῖοι (Pharisaei) πειράζοντες (temptantes) αὐτὸν (eum) καὶ λέγοντες (dicentes), Εἰ (si) ἔξεστιν (licet) ἀνθρώπῳ (homini) ἀπολῦσαι (dimittere) τὴν γυναῖκα (uxorem) αὐτοῦ (suam) κατὰ (ex) πᾶσαν (quacumque) αἰτίαν (causa)? Ὁ (qui) δὲ ἀποκριθεὶς (respondens) εἶπεν (ait), Οὐκ (non) ἀνέγνωτε (legistis) ὅτι (quia) ὁ κτίσας (qui fecit) ἀπ' ἀρχῆς (ab initio) ἄρσεν (masculum) καὶ θῆλυ (et feminam) ἐποίησεν (fecit) αὐτούς (eos) καὶ εἶπεν (et dixit), Ἕνεκα (propter) τούτου (hoc) καταλείψει (dimittet) ἄνθρωπος (homo) τὸν πατέρα (patrem) καὶ τὴν μητέρα (et matrem) καὶ κολληθήσεται (et adhaerebit) τῇ γυναικὶ (uxori) αὐτοῦ (suae), καὶ ἔσονται (et erunt) οἱ δύο (duo) εἰς (in) σάρκα (carne) μίαν (una). Ὥστε (itaque) οὐκέτι (iam non) εἰσὶ (sunt) δύο (duo), ἀλλὰ (sed) σὰρξ (caro) μία (una). Ὃ (quod) οὖν (ergo) ὁ Θεὸς (Deus) συνέζευξεν (coniunxit), ἄνθρωπος (homo) μὴ (non) χωριζέτω (separet). Ὁ δ(ὲ) οὖν (ergo et ille) ἦν ὁ (erat) Ἰησοῦς (Iesus) ἀπὸ (ab) τῆς Γαλιλαίας (Galilaea) καὶ (et) τῆς Ἰουδαίας (Iudaea) καὶ (et) πέραν (trans) τοῦ Ἰορδάνου (Iordanem) καὶ (et) ἠκολούθησαν (secutae sunt) αὐτῷ (eum) ὄχλοι (turbae) πολλοί (multae) καὶ ἐθεράπευσεν (curavit) αὐτοὺς (eos) ἐκεῖ (ibi). Καὶ προσῆλθον (accesserunt) αὐτῷ (ad eum) Φαρισαῖοι (Pharisaei) πειράζοντες (temptantes) αὐτὸν (eum) καὶ λέγοντες (dicentes), Εἰ (si) ἔξεστιν (licet) ἀνθρώπῳ (homini) ἀπολῦσαι (dimittere) τὴν γυναῖκα (uxorem) αὐτοῦ (suam) κατὰ (ex) πᾶσαν (quacumque) αἰτίαν (causa)? Ὁ (qui) δὲ ἀποκριθεὶς (respondens) εἶπεν (ait), Οὐκ (non) ἀνέγνωτε (legistis) ὅτι (quia) ὁ κτίσας (qui fecit) ἀπ' ἀρχῆς (ab initio) ἄρσεν (masculum) καὶ θῆλυ (et feminam) ἐποίησεν (fecit) αὐτούς (eos) καὶ εἶπεν (et dixit), Ἕνεκα (propter) τούτου (hoc) καταλείψει (dimittet) ἄνθρωπος (homo) τὸν πατέρα (patrem) καὶ τὴν μητέρα (et matrem) καὶ κολληθήσεται (et adhaerebit) τῇ γυναικὶ (uxori) αὐτοῦ (suae), καὶ ἔσονται (et erunt) οἱ δύο (duo) εἰς (in) σάρκα (carne) μίαν (una). Ὥστε (itaque) οὐκέτι (iam non) εἰσὶ (sunt) δύο (duo), ἀλλὰ (sed) σὰρξ (caro) μία (una). Ὃ (quod) οὖν (ergo) ὁ Θεὸς (Deus) συνέζευξεν (coniunxit), ἄνθρωπος (homo) μὴ (non) χωριζέτω (separet). Ὁ δ(ὲ) οὖν (ergo et ille) ἦν ὁ (erat) Ἰησοῦς (Iesus) ἀπὸ (ab) τῆς Γαλιλαίας (Galilaea) καὶ (et) τῆς Ἰουδαίας (Iudaea) καὶ (et) πέραν (trans) τοῦ Ἰορδάνου (Iordanem) καὶ (et) ἠκολούθησαν (secutae sunt) αὐτῷ (eum) ὄχλοι (turbae) πολλοί (multae) καὶ ἐθεράπευσεν (curavit) αὐτοὺς (eos) ἐκεῖ (ibi). Καὶ προσῆλθον (accesserunt) αὐτῷ (ad eum) Φαρισαῖοι (Pharisaei) πειράζοντες (temptantes) αὐτὸν (eum) καὶ λέγοντες (dicentes), Εἰ (si) ἔξεστιν (licet) ἀνθρώπῳ (homini) ἀπολῦσαι (dimittere) τὴν γυναῖκα (uxorem) αὐτοῦ (suam) κατὰ (ex) πᾶσαν (quacumque) αἰτίαν (causa)? Ὁ (qui) δὲ ἀποκριθεὶς (respondens) εἶπεν (ait), Οὐκ (non) ἀνέγνωτε (legistis) ὅτι (quia) ὁ κτίσας (qui fecit) ἀπ' ἀρχῆς (ab initio) ἄρσεν (masculum) καὶ θῆλυ (et feminam) ἐποίησεν (fecit) αὐτούς (eos) καὶ εἶπεν (et dixit), Ἕνεκα (propter) τούτου (hoc) καταλείψει (dimittet) ἄνθρωπος (homo) τὸν πατέρα (patrem) καὶ τὴν μητέρα (et matrem) καὶ κολληθήσεται (et adhaerebit) τῇ γυναικὶ (uxori) αὐτοῦ (suae), καὶ ἔσονται (et erunt) οἱ δύο (duo) εἰς (in) σάρκα (carne) μίαν (una). Ὥστε (itaque) οὐκέτι (iam non) εἰσὶ (sunt) δύο (duo), ἀλλὰ (sed) σὰρξ (caro) μία (una). Ὃ (quod) οὖν (ergo) ὁ Θεὸς (Deus) συνέζευξεν (coniunxit), ἄνθρωπος (homo) μὴ (non) χωριζέτω (separet). Ὁ δ(ὲ) οὖν (ergo et ille) ἦν ὁ (erat) Ἰησοῦς (Iesus) ἀπὸ (ab) τῆς Γαλιλαίας (Galilaea) καὶ (et) τῆς Ἰουδαίας (Iudaea) καὶ (et) πέραν (trans) τοῦ Ἰορδάνου (Iordanem) καὶ (et) ἠκολούθησαν (secutae sunt) αὐτῷ (eum) ὄχλοι (turbae) πολλοί (multae) καὶ ἐθεράπευσεν (curavit) αὐτοὺς (eos) ἐκεῖ (ibi). Καὶ προσῆλθον (accesserunt) αὐτῷ (ad eum) Φαρισαῖοι (Pharisaei) πειράζοντες (temptantes) αὐτὸν (eum) καὶ λέγοντες (dicentes), Εἰ (si) ἔξεστιν (licet) ἀνθρώπῳ (homini) ἀπολῦσαι (dimittere) τὴν γυναῖκα (uxorem) αὐτοῦ (suam) κατὰ (ex) πᾶσαν (quacumque) αἰτίαν (causa)? Ὁ (qui) δὲ ἀποκριθεὶς (respondens) εἶπεν (ait), Οὐκ (non) ἀνέγνωτε (legistis) ὅτι (quia) ὁ κτίσας (qui fecit) ἀπ' ἀρχῆς (ab initio) ἄρσεν (masculum) καὶ θῆλυ (et feminam) ἐποίησεν (fecit) αὐτούς (eos) καὶ εἶπεν (et dixit), Ἕνεκα (propter) τούτου (hoc) καταλείψει (dimittet) ἄνθρωπος (homo) τὸν πατέρα (patrem) καὶ τὴν μητέρα (et matrem) καὶ κολληθήσεται (et adhaerebit) τῇ γυναικὶ (uxori) αὐτοῦ (suae), καὶ ἔσονται (et erunt) οἱ δύο (duo) εἰς (in) σάρκα (carne) μίαν (una). Ὥστε (itaque) οὐκέτι (iam non) εἰσὶ (sunt) δύο (duo), ἀλλὰ (sed) σὰρξ (caro) μία (una). Ὃ (quod) οὖν (ergo) ὁ Θεὸς (Deus) συνέζευξεν (coniunxit), ἄνθρωπος (homo) μὴ (non) χωριζέτω (separet). Ὁ δ(ὲ) οὖν (ergo et ille) ἦν ὁ (erat) Ἰησοῦς (Iesus) ἀπὸ (ab) τῆς Γαλιλαίας (Galilaea) καὶ (et) τῆς Ἰουδαίας (Iudaea) καὶ (et) πέραν (trans) τοῦ Ἰορδάνου (Iordanem) καὶ (et) ἠκολούθησαν (secutae sunt) αὐτῷ (eum) ὄχλοι (turbae) πολλοί (multae) καὶ ἐθεράπευσεν (curavit) αὐτοὺς (eos) ἐκεῖ (ibi). Καὶ προσῆλθον (accesserunt) αὐτῷ (ad eum) Φαρισαῖοι (Pharisaei) πειράζοντες (temptantes) αὐτὸν (eum) καὶ λέγοντες (dicentes), Εἰ (si) ἔξεστιν (licet) ἀνθρώπῳ (homini) ἀπολῦσαι (dimittere) τὴν γυναῖκα (uxorem) αὐτοῦ (suam) κατὰ (ex) πᾶσαν (quacumque) αἰτίαν (causa)? Ὁ (qui) δὲ ἀποκριθεὶς (respondens) εἶπεν (ait), Οὐκ (non) ἀνέγνωτε (legistis) ὅτι (quia) ὁ κτίσας (qui fecit) ἀπ' ἀρχῆς (ab initio) ἄρσεν (masculum) καὶ θῆλυ (et feminam) ἐποίησεν (fecit) αὐτούς (eos) καὶ εἶπεν (et dixit), Ἕνεκα (propter) τούτου (hoc) καταλείψει (dimittet) ἄνθρωπος (homo) τὸν πατέρα (patrem) καὶ τὴν μητέρα (et matrem) καὶ κολληθήσεται (et adhaerebit) τῇ γυναικὶ (uxori) αὐτοῦ (suae), καὶ ἔσονται (et erunt) οἱ δύο (duo) εἰς (in) σάρκα (carne) μίαν (una). Ὥστε (itaque) οὐκέτι (iam non) εἰσὶ (sunt) δύο (duo), ἀλλὰ (sed) σὰρξ (caro) μία (una). Ὃ (quod) οὖν (ergo) ὁ Θεὸς (Deus) συνέζευξεν (coniunxit), ἄνθρωπος (homo) μὴ (non) χωριζέτω (separet). Ὁ δ(ὲ) οὖν (ergo et ille) ἦν ὁ (erat) Ἰησοῦς (Iesus) ἀπὸ (ab) τῆς Γαλιλαίας (Galilaea) καὶ (et) τῆς Ἰουδαίας (Iudaea) καὶ (et) πέραν (trans) τοῦ Ἰορδάνου (Iordanem) καὶ (et) ἠκολούθησαν (secutae sunt) αὐτῷ (eum) ὄχλοι (turbae) πολλοί (multae) καὶ ἐθεράπευσεν (curavit) αὐτοὺς (eos) ἐκεῖ (ibi). Καὶ προσῆλθον (accesserunt) αὐτῷ (ad eum) Φαρισαῖοι (Pharisaei) πειράζοντες (temptantes) αὐτὸν (eum) καὶ λέγοντες (dicentes), Εἰ (si) ἔξεστιν (licet) ἀνθρώπῳ (homini) ἀπολῦσαι (dimittere) τὴν γυναῖκα (uxorem) αὐτοῦ (suam) κατὰ (ex) πᾶσαν (quacumque) αἰτίαν (causa)? Ὁ (qui) δὲ ἀποκριθεὶς (respondens) εἶπεν (ait), Οὐκ (non) ἀνέγνωτε (legistis) ὅτι (quia) ὁ κτίσας (qui fecit) ἀπ' ἀρχῆς (ab initio) ἄρσεν (masculum) καὶ θῆλυ (et feminam) ἐποίησεν (fecit) αὐτούς (eos) καὶ εἶπεν (et dixit), Ἕνεκα (propter) τούτου (hoc) καταλείψει (dimittet) ἄνθρωπος (homo) τὸν πατέρα (patrem) καὶ τὴν μητέρα (et matrem) καὶ κολληθήσεται (et adhaerebit) τῇ γυναικὶ (uxori) αὐτοῦ (suae), καὶ ἔσονται (et erunt) οἱ δύο (duo) εἰς (in) σάρκα (carne) μίαν (una). Ὥστε (itaque) οὐκέτι (iam non) εἰσὶ (sunt) δύο (duo), ἀλλὰ (sed) σὰρξ (caro) μία (una). Ὃ (quod) οὖν (ergo) ὁ Θεὸς (Deus) συνέζευξεν (coniunxit), ἄνθρωπος (homo) μὴ (non) χωριζέτω (separet). Ὁ δ(ὲ) οὖν (ergo et ille) ἦν ὁ (erat) Ἰησοῦς (Iesus) ἀπὸ (ab) τῆς Γαλιλαίας (Galilaea) καὶ (et) τῆς Ἰουδαίας (Iudaea) καὶ (et) πέραν (trans) τοῦ Ἰορδάνου (Iordanem) καὶ (et) ἠκολούθησαν (secutae sunt) αὐτῷ (eum) ὄχλοι (turbae) πολλοί (multae) καὶ ἐθεράπευσεν (curavit) αὐτοὺς (eos) ἐκεῖ (ibi). Καὶ προσῆλθον (accesserunt) αὐτῷ (ad eum) Φαρισαῖοι (Pharisaei) πειράζοντες (temptantes) αὐτὸν (eum) καὶ λέγοντες (dicentes), Εἰ (si) ἔξεστιν (licet) ἀνθρώπῳ (homini) ἀπολῦσαι (dimittere) τὴν γυναῖκα (uxorem) αὐτοῦ (suam) κατὰ (ex) πᾶσαν (quacumque) αἰτίαν (causa)? Ὁ (qui) δὲ ἀποκριθεὶς (respondens) εἶπεν (ait), Οὐκ (non) ἀνέγνωτε (legistis) ὅτι (quia) ὁ κτίσας (qui fecit) ἀπ' ἀρχῆς (ab initio) ἄρσεν (masculum) καὶ θῆλυ (et feminam) ἐποίησεν (fecit) αὐτούς (eos) καὶ εἶπεν (et dixit), Ἕνεκα (propter) τούτου (hoc) καταλείψει (dimittet) ἄνθρωπος (homo) τὸν πατέρα (patrem) καὶ τὴν μητέρα (et matrem) καὶ κολληθήσεται (et adhaerebit) τῇ γυναικὶ (uxori) αὐτοῦ (suae), καὶ ἔσονται (et erunt) οἱ δύο (duo) εἰς (in) σάρκα (carne) μίαν (una). Ὥστε (itaque) οὐκέτι (iam non) εἰσὶ (sunt) δύο (duo), ἀλλὰ (sed) σὰρξ (caro) μία (una). Ὃ (quod) οὖν (ergo) ὁ Θεὸς (Deus) συνέζευξεν (coniunxit), ἄνθρωπος (homo) μὴ (non) χωριζέτω (separet). Ὁ δ(ὲ) οὖν (ergo et ille) ἦν ὁ (erat) Ἰησοῦς (Iesus) ἀπὸ (ab) τῆς Γαλιλαίας (Galilaea) καὶ (et) τῆς Ἰουδαίας (Iudaea) καὶ (et) πέραν (trans) τοῦ Ἰορδάνου (Iordanem) καὶ (et) ἠκολούθησαν (secutae sunt) αὐτῷ (eum) ὄχλοι (turbae) πολλοί (multae) καὶ ἐθεράπευσεν (curavit) αὐτοὺς (eos) ἐκεῖ (ibi). Καὶ προσῆλθον (accesserunt) αὐτῷ (ad eum) Φαρισαῖοι (Pharisaei) πειράζοντες (temptantes) αὐτὸν (eum) καὶ λέγοντες (dicentes), Εἰ (si) ἔξεστιν (licet) ἀνθρώπῳ (homini) ἀπολῦσαι (dimittere) τὴν γυναῖκα (uxorem) αὐτοῦ (suam) κατὰ (ex) πᾶσαν (quacumque) αἰτίαν (causa)? Ὁ (qui) δὲ ἀποκριθεὶς (respondens) εἶπεν (ait), Οὐκ (non) ἀνέγνωτε (legistis) ὅτι (quia) ὁ κτίσας (qui fecit) ἀπ' ἀρχῆς (ab initio) ἄρσεν (masculum) καὶ θῆλυ (et feminam) ἐποίησεν (fecit) αὐτούς (eos) καὶ εἶπεν (et dixit), Ἕνεκα (propter) τούτου (hoc) καταλείψει (dimittet) ἄνθρωπος (homo) τὸν πατέρα (patrem) καὶ τὴν μητέρα (et matrem) καὶ κολληθήσεται (et adhaerebit) τῇ γυναικὶ (uxori) αὐτοῦ (suae), καὶ ἔσονται (et erunt) οἱ δύο (duo) εἰς (in) σάρκα (carne) μίαν (una). Ὥστε (itaque) οὐκέτι (iam non) εἰσὶ (sunt) δύο (duo), ἀλλὰ (sed) σὰρξ (caro) μία (una). Ὃ (quod) οὖν (ergo) ὁ Θεὸς (Deus) συνέζευξεν (coniunxit), ἄνθρωπος (homo) μὴ (non) χωριζέτω (separet). Ὁ δ(ὲ) οὖν (ergo et ille) ἦν ὁ (erat) Ἰησοῦς (Iesus) ἀπὸ (ab) τῆς Γαλιλαίας (Galilaea) καὶ (et) τῆς Ἰουδαίας (Iudaea) καὶ (et) πέραν (trans) τοῦ Ἰορδάνου (Iordanem) καὶ (et) ἠκολούθησαν (secutae sunt) αὐτῷ (eum) ὄχλοι (turbae) πολλοί (multae) καὶ ἐθεράπευσεν (curavit) αὐτοὺς (eos) ἐκεῖ (ibi). Καὶ προσῆλθον (accesserunt) αὐτῷ (ad eum) Φαρισαῖοι (Pharisaei) πειράζοντες (temptantes) αὐτὸν (eum) καὶ λέγοντες (dicentes), Εἰ (si) ἔξεστιν (licet) ἀνθρώπῳ (homini) ἀπολῦσαι (dimittere) τὴν γυναῖκα (uxorem) αὐτοῦ (suam) κατὰ (ex) πᾶσαν (quacumque) αἰτίαν (causa)? Ὁ (qui) δὲ ἀποκριθεὶς (respondens) εἶπεν (ait), Οὐκ (non) ἀνέγνωτε (legistis) ὅτι (quia) ὁ κτίσας (qui fecit) ἀπ' ἀρχῆς (ab initio) ἄρσεν (masculum) καὶ θῆλυ (et feminam) ἐποίησεν (fecit) αὐτούς (eos) καὶ εἶπεν (et dixit), Ἕνεκα (propter) τούτου (hoc) καταλείψει (dimittet) ἄνθρωπος (homo) τὸν πατέρα (patrem) καὶ τὴν μητέρα (et matrem) καὶ κολληθήσεται (et adhaerebit) τῇ γυναικὶ (uxori) αὐτοῦ (suae), καὶ ἔσονται (et erunt) οἱ δύο (duo) εἰς (in) σάρκα (carne) μίαν (una). Ὥστε (itaque) οὐκέτι (iam non) εἰσὶ (sunt) δύο (duo), ἀλλὰ (sed) σὰρξ (caro) μία (una). Ὃ (quod) οὖν (ergo) ὁ Θεὸς (Deus) συνέζευξεν (coniunxit), ἄνθρωπος (homo) μὴ (non) χωριζέτω (separet). Ὁ δ(ὲ) οὖν (ergo et ille) ἦν ὁ (erat) Ἰησοῦς (Iesus) ἀπὸ (ab) τῆς Γαλιλαίας (Galilaea) καὶ (et) τῆς Ἰουδαίας (Iudaea) καὶ (et) πέραν (trans) τοῦ Ἰορδάνου (Iordanem) καὶ (et) ἠκολούθησαν (secutae sunt) αὐτῷ (eum) ὄχλοι (turbae) πολλοί (multae) καὶ ἐθεράπευσεν (curavit) αὐτοὺς (eos) ἐκεῖ (ibi). Καὶ προσῆλθον (accesserunt) αὐτῷ (ad eum) Φαρισαῖοι (Pharisaei) πειράζοντες (temptantes) αὐτὸν (eum) καὶ λέγοντες (dicentes), Εἰ (si) ἔξεστιν (licet) ἀνθρώπῳ (homini) ἀπολῦσαι (dimittere) τὴν γυναῖκα (uxorem) αὐτοῦ (suam) κατὰ (ex) πᾶσαν (quacumque) αἰτίαν (causa)? Ὁ (qui) δὲ ἀποκριθεὶς (respondens) εἶπεν (ait), Οὐκ (non) ἀνέγνωτε (legistis) ὅτι (quia) ὁ κτίσας (qui fecit) ἀπ' ἀρχῆς (ab initio) ἄρσεν (masculum) καὶ θῆλυ (et feminam) ἐποίησεν (fecit) αὐτούς (eos) καὶ εἶπεν (et dixit), Ἕνεκα (propter) τούτου (hoc) καταλείψει (dimittet) ἄνθρωπος (homo) τὸν πατέρα (patrem) καὶ τὴν μητέρα (et matrem) καὶ κολληθήσεται (et adhaerebit) τῇ γυναικὶ (uxori) αὐτοῦ (suae), καὶ ἔσονται (et erunt) οἱ δύο (duo) εἰς (in) σάρκα (carne) μίαν (una). Ὥστε (itaque) οὐκέτι (iam non) εἰσὶ (sunt) δύο (duo), ἀλλὰ (sed) σὰρξ (caro) μία (una). Ὃ (quod) οὖν (ergo) ὁ Θεὸς (Deus) συνέζευξεν (coniunxit), ἄνθρωπος (homo) μὴ (non) χωριζέτω (separet). Ὁ δ(ὲ) οὖν (ergo et ille) ἦν ὁ (erat) Ἰησοῦς (Iesus) ἀπὸ (ab) τῆς Γαλιλαίας (Galilaea) καὶ (et) τῆς Ἰουδαίας (Iudaea) καὶ (et) πέραν (trans) τοῦ Ἰορδάνου (Iordanem) καὶ (et) ἠκολούθησαν (secutae sunt) αὐτῷ (eum) ὄχλοι (turbae) πολλοί (multae) καὶ ἐθεράπευσεν (curavit) αὐτοὺς (eos) ἐκεῖ (ibi). Καὶ προσῆλθον (accesserunt) αὐτῷ (ad eum) Φαρισαῖοι (Pharisaei) πειράζοντες (temptantes) αὐτὸν (eum) καὶ λέγοντες (dicentes), Εἰ (si) ἔξεστιν (licet) ἀνθρώπῳ (homini) ἀπολῦσαι (dimittere) τὴν γυναῖκα (uxorem) αὐτοῦ (suam) κατὰ (ex) πᾶσαν (quacumque) αἰτίαν (causa)? Ὁ (qui) δὲ ἀποκριθεὶς (respondens) εἶπεν (ait), Οὐκ (non) ἀνέγνωτε (legistis) ὅτι (quia) ὁ κτίσας (qui fecit) ἀπ' ἀρχῆς (ab initio) ἄρσεν (masculum) καὶ θῆλυ (et feminam) ἐποίησεν (fecit) αὐτούς (eos) καὶ εἶπεν (et dixit), Ἕνεκα (propter) τούτου (hoc) καταλείψει (dimittet) ἄνθρωπος (homo) τὸν πατέρα (patrem) καὶ τὴν μητέρα (et matrem) καὶ κολληθήσεται (et adhaerebit) τῇ γυναικὶ (uxori) αὐτοῦ (suae), καὶ ἔσονται (et erunt) οἱ δύο (duo) εἰς (in) σάρκα (carne) μίαν (una). Ὥστε (itaque) οὐκέτι (iam non) εἰσὶ (sunt) δύο (duo), ἀλλὰ (sed) σὰρξ (caro) μία (una). Ὃ (quod) οὖν (ergo) ὁ Θεὸς (Deus) συνέζευξεν (coniunxit), ἄνθρωπος (homo) μὴ (non) χωριζέτω (separet). Ὁ δ(ὲ) οὖν (ergo et ille) ἦν ὁ (erat) Ἰησοῦς (Iesus) ἀπὸ (ab) τῆς Γαλιλαίας (Galilaea) καὶ (et) τῆς Ἰουδαίας (Iudaea) καὶ (et) πέραν (trans) τοῦ Ἰορδάνου (Iordanem) καὶ (et) ἠκολούθησαν (secutae sunt) αὐτῷ (eum) ὄχλοι (turbae) πολλοί (multae) καὶ ἐθεράπευσεν (curavit) αὐτοὺς (eos) ἐκεῖ (ibi). Καὶ προσῆλθον (accesserunt) αὐτῷ (ad eum) Φαρισαῖοι (Pharisaei) πειράζοντες (temptantes) αὐτὸν (eum) καὶ λέγοντες (dicentes), Εἰ (si) ἔξεστιν (licet) ἀνθρώπῳ (homini) ἀπολῦσαι (dimittere) τὴν γυναῖκα (uxorem) αὐτοῦ (suam) κατὰ (ex) πᾶσαν (quacumque) αἰτίαν (causa)? Ὁ (qui) δὲ ἀποκριθεὶς (respondens) εἶπεν (ait), Οὐκ (non) ἀνέγνωτε (legistis) ὅτι (quia) ὁ κτίσας (qui fecit) ἀπ' ἀρχῆς (ab initio) ἄρσεν (masculum) καὶ θῆλυ (et feminam) ἐποίησεν (fecit) αὐτούς (eos) καὶ εἶπεν (et dixit), Ἕνεκα (propter) τούτου (hoc) καταλείψει (dimittet) ἄνθρωπος (homo) τὸν πατέρα (patrem) καὶ τὴν μητέρα (et matrem) καὶ κολληθήσεται (et adhaerebit) τῇ γυναικὶ (uxori) αὐτοῦ (suae), καὶ ἔσονται (et erunt) οἱ δύο (duo) εἰς (in) σάρκα (carne) μίαν (una). Ὥστε (itaque) οὐκέτι (iam non) εἰσὶ (sunt) δύο (duo), ἀλλὰ (sed) σὰρξ (caro) μία (una). Ὃ (quod) οὖν (ergo) ὁ Θεὸς (Deus) συνέζευξεν (coniunxit), ἄνθρωπος (homo) μὴ (non) χωριζέτω (separet). Ὁ δ(ὲ) οὖν (ergo et ille) ἦν ὁ (erat) Ἰησοῦς (Iesus) ἀπὸ (ab) τῆς Γαλιλαίας (Galilaea) καὶ (et) τῆς Ἰουδαίας (Iudaea) καὶ (et) πέραν (trans) τοῦ Ἰορδάνου (Iordanem) καὶ (et) ἠκολούθησαν (secutae sunt) αὐτῷ (eum) ὄχλοι (turbae) πολλοί (multae) καὶ ἐθεράπευσεν (curavit) αὐτοὺς (eos) ἐκεῖ (ibi). Καὶ προσῆλθον (accesserunt) αὐτῷ (ad eum) Φαρισαῖοι (Pharisaei) πειράζοντες (temptantes) αὐτὸν (eum) καὶ λέγοντες (dicentes), Εἰ (si) ἔξεστιν (licet) ἀνθρώπῳ (homini) ἀπολῦσαι (dimittere) τὴν γυναῖκα (uxorem) αὐτοῦ (suam) κατὰ (ex) πᾶσαν (quacumque) αἰτίαν (causa)? Ὁ (qui) δὲ ἀποκριθεὶς (respondens) εἶπεν (ait), Οὐκ (non) ἀνέγνωτε (legistis) ὅτι (quia) ὁ κτίσας (qui fecit) ἀπ' ἀρχῆς (ab initio) ἄρσεν (masculum) καὶ θῆλυ (et feminam) ἐποίησεν (fecit) αὐτούς (eos) καὶ εἶπεν (et dixit), Ἕνεκα (propter) τούτου (hoc) καταλείψει (dimittet) ἄνθρωπος (homo) τὸν πατέρα (patrem) καὶ τὴν μητέρα (et matrem) καὶ κολληθήσεται (et adhaerebit) τῇ γυναικὶ (uxori) αὐτοῦ (suae), καὶ ἔσονται (et erunt) οἱ δύο (duo) εἰς (in) σάρκα (carne) μίαν (una). Ὥστε (itaque) οὐκέτι (iam non) εἰσὶ (sunt) δύο (duo), ἀλλὰ (sed) σὰρξ (caro) μία (una). Ὃ (quod) οὖν (ergo) ὁ Θεὸς (Deus) συνέζευξεν (coniunxit), ἄνθρωπος (homo) μὴ (non) χωριζέτω (separet). Ὁ δ(ὲ) οὖν (ergo et ille) ἦν ὁ (erat) Ἰησοῦς (Iesus) ἀπὸ (ab) τῆς Γαλιλαίας (Galilaea) καὶ (et) τῆς Ἰουδαίας (Iudaea) καὶ (et) πέραν (trans) τοῦ Ἰορδάνου (Iordanem) καὶ (et) ἠκολούθησαν (secutae sunt) αὐτῷ (eum) ὄχλοι (turbae) πολλοί (multae) καὶ ἐθεράπευσεν (curavit) αὐτοὺς (eos) ἐκεῖ (ibi). Καὶ προσῆλθον (accesserunt) αὐτῷ (ad eum) Φαρισαῖοι (Pharisaei) πειράζοντες (temptantes) αὐτὸν (eum) καὶ λέγοντες (dicentes), Εἰ (si) ἔξεστιν (licet) ἀνθρώπῳ (homini) ἀπολῦσαι (dimittere) τὴν γυναῖκα (uxorem) αὐτοῦ (suam) κατὰ (ex) πᾶσαν (quacumque) αἰτίαν (causa)? Ὁ (qui) δὲ ἀποκριθεὶς (respondens) εἶπεν (ait), Οὐκ (non) ἀνέγνωτε (legistis) ὅτι (quia) ὁ κτίσας (qui fecit) ἀπ' ἀρχῆς (ab initio) ἄρσεν (masculum) καὶ θῆλυ (et feminam) ἐποίησεν (fecit) αὐτούς (eos) καὶ εἶπεν (et dixit), Ἕνεκα (propter) τούτου (hoc) καταλείψει (dimittet) ἄνθρωπος (homo) τὸν πατέρα (patrem) καὶ τὴν μητέρα (et matrem) καὶ κολληθήσεται (et adhaerebit) τῇ γυναικὶ (uxori) αὐτοῦ (suae), καὶ ἔσονται (et erunt) οἱ δύο (duo) εἰς (in) σάρκα (carne) μίαν (una). Ὥστε (itaque) οὐκέτι (iam non) εἰσὶ (sunt) δύο (duo), ἀλλὰ (sed) σὰρξ (caro) μία (una). Ὃ (quod) οὖν (ergo) ὁ Θεὸς (Deus) συνέζευξεν (coniunxit), ἄνθρωπος (homo) μὴ (non) χωριζέτω (separet). Ὁ δ(ὲ) οὖν (ergo et ille) ἦν ὁ (erat) Ἰησοῦς (Iesus) ἀπὸ (ab) τῆς Γαλιλαίας (Galilaea) καὶ (et) τῆς Ἰουδαίας (Iudaea) καὶ (et) πέραν (trans) τοῦ Ἰορδάνου (Iordanem) καὶ (et) ἠκολούθησαν (secutae sunt) αὐτῷ (eum) ὄχλοι (turbae) πολλοί (multae) καὶ ἐθεράπευσεν (curavit) αὐτοὺς (eos) ἐκεῖ (ibi). Καὶ προσῆλθον (accesserunt) αὐτῷ (ad eum) Φαρισαῖοι (Pharisaei) πειράζοντες (temptantes) αὐτὸν (eum) καὶ λέγοντες (dicentes), Εἰ (si) ἔξεστιν (licet) ἀνθρώπῳ (homini) ἀπολῦσαι (dimittere) τὴν γυναῖκα (uxorem) αὐτοῦ (suam) κατὰ (ex) πᾶσαν (quacumque) αἰτίαν (causa)? Ὁ (qui) δὲ ἀποκριθεὶς (respondens) εἶπεν (ait), Οὐκ (non) ἀνέγνωτε (legistis) ὅτι (quia) ὁ κτίσας (qui fecit) ἀπ' ἀρχῆς (ab initio) ἄρσεν (masculum) καὶ θῆλυ (et feminam) ἐποίησεν (fecit) αὐτούς (eos) καὶ εἶπεν (et dixit), Ἕνεκα (propter) τούτου (hoc) καταλείψει (dimittet) ἄνθρωπος (homo) τὸν πατέρα (patrem) καὶ τὴν μητέρα (et matrem) καὶ κολληθήσεται (et adhaerebit) τῇ γυναικὶ (uxori) αὐτοῦ (suae), καὶ ἔσονται (et erunt) οἱ δύο (duo) εἰς (in) σάρκα (carne) μίαν (una). Ὥστε (itaque) οὐκέτι (iam non) εἰσὶ (sunt) δύο (duo), ἀλλὰ (sed) σὰρξ (caro) μία (una). Ὃ (quod) οὖν (ergo) ὁ Θεὸς (Deus) συνέζευξεν (coniunxit), ἄνθρωπος (homo) μὴ (non) χωριζέτω (separet). Ὁ δ(ὲ) οὖν (ergo et ille) ἦν ὁ (erat) Ἰησοῦς (Iesus) ἀπὸ (ab) τῆς Γαλιλαίας (Galilaea) καὶ (et) τῆς Ἰουδαίας (Iudaea) καὶ (et) πέραν (trans) τοῦ Ἰορδάνου (Iordanem) καὶ (et) ἠκολούθησαν (secutae sunt) αὐτῷ (eum) ὄχλοι (turbae) πολλοί (multae) καὶ ἐθεράπευσεν (curavit) αὐτοὺς (eos) ἐκεῖ (ibi). Καὶ προσῆλθον (accesserunt) αὐτῷ (ad eum) Φαρισαῖοι (Pharisaei) πειράζοντες (temptantes) αὐτὸν (eum) καὶ λέγοντες (dicentes), Εἰ (si) ἔξεστιν (licet) ἀνθρώπῳ (homini) ἀπολῦσαι (dimittere) τὴν γυναῖκα (uxorem) αὐτοῦ (suam) κατὰ (ex) πᾶσαν (quacumque) αἰτίαν (causa)? Ὁ (qui) δὲ ἀποκριθεὶς (respondens) εἶπεν (ait), Οὐκ (non) ἀνέγνωτε (legistis) ὅτι (quia) ὁ κτίσας (qui fecit) ἀπ' ἀρχῆς (ab initio) ἄρσεν (masculum) καὶ θῆλυ (et feminam) ἐποίησεν (fecit) αὐτούς (eos) καὶ εἶπεν (et dixit), Ἕνεκα (propter) τούτου (hoc) καταλείψει (dimittet) ἄνθρωπος (homo) τὸν πατέρα (patrem) καὶ τὴν μητέρα (et matrem) καὶ κολληθήσεται (et adhaerebit) τῇ γυναικὶ (uxori) αὐτοῦ (suae), καὶ ἔσονται (et erunt) οἱ δύο (duo) εἰς (in) σάρκα (carne) μίαν (una). Ὥστε (itaque) οὐκέτι (iam non) εἰσὶ (sunt) δύο (duo), ἀλλὰ (sed) σὰρξ (caro) μία (una). Ὃ (quod) οὖν (ergo) ὁ Θεὸς (Deus) συνέζευξεν (coniunxit), ἄνθρωπος (homo) μὴ (non) χωριζέτω (separet). Ὁ δ(ὲ) οὖν (ergo et ille) ἦν ὁ (erat) Ἰησοῦς (Iesus) ἀπὸ (ab) τῆς Γαλιλαίας (Galilaea) καὶ (et) τῆς Ἰουδαίας (Iudaea) καὶ (et) πέραν (trans) τοῦ Ἰορδάνου (Iordanem) καὶ (et) ἠκολούθησαν (secutae sunt) αὐτῷ (eum) ὄχλοι (turbae) πολλοί (multae) καὶ ἐθεράπευσεν (curavit) αὐτοὺς (eos) ἐκεῖ (ibi). Καὶ προσῆλθον (accesserunt) αὐτῷ (ad eum) Φαρισαῖοι (Pharisaei) πειράζοντες (temptantes) αὐτὸν (eum) καὶ λέγοντες (dicentes), Εἰ (si) ἔξεστιν (licet) ἀνθρώπῳ (homini) ἀπολῦσαι (dimittere) τὴν γυναῖκα (uxorem) αὐτοῦ (suam) κατὰ (ex) πᾶσαν (quacumque) αἰτίαν (causa)? Ὁ (qui) δὲ ἀποκριθεὶς (respondens) εἶπεν (ait), Οὐκ (non) ἀνέγνωτε (legistis) ὅτι (quia) ὁ κτίσας (qui fecit) ἀπ' ἀρχῆς (ab initio) ἄρσεν (masculum) καὶ θῆλυ (et feminam) ἐποίησεν (fecit) αὐτούς (eos) καὶ εἶπεν (et dixit), Ἕνεκα (propter) τούτου (hoc) καταλείψει (dimittet) ἄνθρωπος (homo) τὸν πατέρα (patrem) καὶ τὴν μητέρα (et matrem) καὶ κολληθήσεται (et adhaerebit) τῇ γυναικὶ (uxori) αὐτοῦ (suae), καὶ ἔσονται (et erunt) οἱ δύο (duo) εἰς (in) σάρκα (carne) μίαν (una). Ὥστε (itaque) οὐκέτι (iam non) εἰσὶ (sunt) δύο (duo), ἀλλὰ (sed) σὰρξ (caro) μία (una). Ὃ (quod) οὖν (ergo) ὁ Θεὸς (Deus) συνέζευξεν (coniunxit), ἄνθρωπος (homo) μὴ (non) χωριζέτω (separet). Ὁ δ(ὲ) οὖν (ergo et ille) ἦν ὁ (erat) Ἰησοῦς (Iesus) ἀπὸ (ab) τῆς Γαλιλαίας (Galilaea) καὶ (et) τῆς Ἰουδαίας (Iudaea) καὶ (et) πέραν (trans) τοῦ Ἰορδάνου (Iordanem) καὶ (et) ἠκολούθησαν (secutae sunt) αὐτῷ (eum) ὄχλοι (turbae) πολλοί (multae) καὶ ἐθεράπευσεν (curavit) αὐτοὺς (eos) ἐκεῖ (ibi). Καὶ προσῆλθον (accesserunt) αὐτῷ (ad eum) Φαρισαῖοι (Pharisaei) πειράζοντες (temptantes) αὐτὸν (eum) καὶ λέγοντες (dicentes), Εἰ (si) ἔξεστιν (licet) ἀνθρώπῳ (homini) ἀπολῦσαι (dimittere) τὴν γυναῖκα (uxorem) αὐτοῦ (suam) κατὰ (ex) πᾶσαν (quacumque) αἰτίαν (causa)? Ὁ (qui) δὲ ἀποκριθεὶς (respondens) εἶπεν (ait), Οὐκ (non) ἀνέγνωτε (legistis) ὅτι (quia) ὁ κτίσας (qui fecit) ἀπ' ἀρχῆς (ab initio) ἄρσεν (masculum) καὶ θῆλυ (et feminam) ἐποίησεν (fecit) αὐτούς (eos) καὶ εἶπεν (et dixit), Ἕνεκα (propter) τούτου (hoc) καταλείψει (dimittet) ἄνθρωπος (homo) τὸν πατέρα (patrem) καὶ τὴν μητέρα (et matrem) καὶ κολληθήσεται (et adhaerebit) τῇ γυναικὶ (uxori) αὐτοῦ (suae), καὶ ἔσονται (et erunt) οἱ δύο (duo) εἰς (in) σάρκα (carne) μίαν (una). Ὥστε (itaque) οὐκέτι (iam non) εἰσὶ (sunt) δύο (duo), ἀλλὰ (sed) σὰρξ (caro) μία (una). Ὃ (quod) οὖν (ergo) ὁ Θεὸς (Deus) συνέζευξεν (coniunxit), ἄνθρωπος (homo) μὴ (non) χωριζέτω (separet). Ὁ δ(ὲ) οὖν (ergo et ille) ἦν ὁ (erat) Ἰησοῦς (Iesus) ἀπὸ (ab) τῆς Γαλιλαίας (Galilaea) καὶ (et) τῆς Ἰουδαίας (Iudaea) καὶ (et) πέραν (trans) τοῦ Ἰορδάνου (Iordanem) καὶ (et) ἠκολούθησαν (secutae sunt) αὐτῷ (eum) ὄχλοι (turbae) πολλοί (multae) καὶ ἐθεράπευσεν (curavit) αὐτοὺς (eos) ἐκεῖ (ibi). Καὶ προσῆλθον (accesserunt) αὐτῷ (ad eum) Φαρισαῖοι (Pharisaei) πειράζοντες (temptantes) αὐτὸν (eum) καὶ λέγοντες (dicentes), Εἰ (si) ἔξεστιν (licet) ἀνθρώπῳ (homini) ἀπολῦσαι (dimittere) τὴν γυναῖκα (uxorem) αὐτοῦ (suam) κατὰ (ex) πᾶσαν (quacumque) αἰτίαν (causa)? Ὁ (qui) δὲ ἀποκριθεὶς (respondens) εἶπεν (ait), Οὐκ (non) ἀνέγνωτε (legistis) ὅτι (quia) ὁ κτίσας (qui fecit) ἀπ' ἀρχῆς (ab initio) ἄρσεν (masculum) καὶ θῆλυ (et feminam) ἐποίησεν (fecit) αὐτούς (eos) καὶ εἶπεν (et dixit), Ἕνεκα (propter) τούτου (hoc) καταλείψει (dimittet) ἄνθρωπος (homo) τὸν πατέρα (patrem) καὶ τὴν μητέρα (et matrem) καὶ κολληθήσεται (et adhaerebit) τῇ γυναικὶ (uxori) αὐτοῦ (suae), καὶ ἔσονται (et erunt) οἱ δύο (duo) εἰς (in) σάρκα (carne) μίαν (una). Ὥστε (itaque) οὐκέτι (iam non) εἰσὶ (sunt) δύο (duo), ἀλλὰ (sed) σὰρξ (caro) μία (una). Ὃ (quod) οὖν (ergo) ὁ Θεὸς (Deus) συνέζευξεν (coniunxit), ἄνθρωπος (homo) μὴ (non) χωριζέτω (separet). Ὁ δ(ὲ) οὖν (ergo et ille) ἦν ὁ (erat) Ἰησοῦς (Iesus) ἀπὸ (ab) τῆς Γαλιλαίας (Galilaea) καὶ (et) τῆς Ἰουδαίας (Iudaea) καὶ (et) πέραν (trans) τοῦ Ἰορδάνου (Iordanem) καὶ (et) ἠκολούθησαν (secutae sunt) αὐτῷ (eum) ὄχλοι (turbae) πολλοί (multae) καὶ ἐθεράπευσεν (curavit) αὐτοὺς (eos) ἐκεῖ (ibi). Καὶ προσῆλθον (accesserunt) αὐτῷ (ad eum) Φαρισαῖοι (Pharisaei) πειράζοντες (temptantes) αὐτὸν (eum) καὶ λέγοντες (dicentes), Εἰ (si) ἔξεστιν (licet) ἀνθρώπῳ (homini) ἀπολῦσαι (dimittere) τὴν γυναῖκα (uxorem) αὐτοῦ (suam) κατὰ (ex) πᾶσαν (quacumque) αἰτίαν (causa)? Ὁ (qui) δὲ ἀποκριθεὶς (respondens) εἶπεν (ait), Οὐκ (non) ἀνέγνωτε (legistis) ὅτι (quia) ὁ κτίσας (qui fecit) ἀπ' ἀρχῆς (ab initio) ἄρσεν (masculum) καὶ θῆλυ (et feminam) ἐποίησεν (fecit) αὐτούς (eos) καὶ εἶπεν (et dixit), Ἕνεκα (propter) τούτου (hoc) καταλείψει (dimittet) ἄνθρωπος (homo) τὸν πατέρα (patrem) καὶ τὴν μητέρα (et matrem) καὶ κολληθήσεται (et adhaerebit) τῇ γυναικὶ (uxori) αὐτοῦ (suae), καὶ ἔσονται (et erunt) οἱ δύο (duo) εἰς (in) σάρκα (carne) μίαν (una). Ὥστε (itaque) οὐκέτι (iam non) εἰσὶ (sunt) δύο (duo), ἀλλὰ (sed) σὰρξ (caro) μία (una). Ὃ (quod) οὖν (ergo) ὁ Θεὸς (Deus) συνέζευξεν (coniunxit), ἄνθρωπος (homo) μὴ (non) χωριζέτω (separet). Ὁ δ(ὲ) οὖν (ergo et ille) ἦν ὁ (erat) Ἰησοῦς (Iesus) ἀπὸ (ab) τῆς Γαλιλαίας (Galilaea) καὶ (et) τῆς Ἰουδαίας (Iudaea) καὶ (et) πέραν (trans) τοῦ Ἰορδάνου (Iordanem) καὶ (et) ἠκολούθησαν (secutae sunt) αὐτῷ (eum) ὄχλοι (turbae) πολλοί (multae) καὶ ἐθεράπευσεν (curavit) αὐτοὺς (eos) ἐκεῖ (ibi). Καὶ προσῆλθον (accesserunt) αὐτῷ (ad eum) Φαρισαῖοι (Pharisaei) πειράζοντες (temptantes) αὐτὸν (eum) καὶ λέγοντες (dicentes), Εἰ (si) ἔξεστιν (licet) ἀνθρώπῳ (homini) ἀπολῦσαι (dimittere) τὴν γυναῖκα (uxorem) αὐτοῦ (suam) κατὰ (ex) πᾶσαν (quacumque) αἰτίαν (causa)? Ὁ (qui) δὲ ἀποκριθεὶς (respondens) εἶπεν (ait), Οὐκ (non) ἀνέγνωτε (legistis) ὅτι (quia) ὁ κτίσας (qui fecit) ἀπ' ἀρχῆς (ab initio) ἄρσεν (masculum) καὶ θῆλυ (et feminam) ἐποίησεν (fecit) αὐτούς (eos) καὶ εἶπεν (et dixit), Ἕνεκα (propter) τούτου (hoc) καταλείψει (dimittet) ἄνθρωπος (homo) τὸν πατέρα (patrem) καὶ τὴν μητέρα (et matrem) καὶ κολληθήσεται (et adhaerebit) τῇ γυναικὶ (uxori) αὐτοῦ (suae), καὶ ἔσονται (et erunt) οἱ δύο (duo) εἰς (in) σάρκα (carne) μίαν (una). Ὥστε (itaque) οὐκέτι (iam non) εἰσὶ (sunt) δύο (duo), ἀλλὰ (sed) σὰρξ (caro) μία (una). Ὃ (quod) οὖν (ergo) ὁ Θεὸς (Deus) συνέζευξεν (coniunxit), ἄνθρωπος (homo) μὴ (non) χωριζέτω (separet). Ὁ δ(ὲ) οὖν (ergo et ille) ἦν ὁ (erat) Ἰησοῦς (Iesus) ἀπὸ (ab) τῆς Γαλιλαίας (Galilaea) καὶ (et) τῆς Ἰουδαίας (Iudaea) καὶ (et) πέραν (trans) τοῦ Ἰορδάνου (Iordanem) καὶ (et) ἠκολούθησαν (secutae sunt) αὐτῷ (eum) ὄχλοι (turbae) πολλοί (multae) καὶ ἐθεράπευσεν (curavit) αὐτοὺς (eos) ἐκεῖ (ibi). Καὶ προσῆλθον (accesserunt) αὐτῷ (ad eum) Φαρισαῖοι (Pharisaei) πειράζοντες (temptantes) αὐτὸν (eum) καὶ λέγοντες (dicentes), Εἰ (si) ἔξεστιν (licet) ἀνθρώπῳ (homini) ἀπολῦσαι (dimittere) τὴν γυναῖκα (uxorem) αὐτοῦ (suam) κατὰ (ex) πᾶσαν (quacumque) αἰτίαν (causa)? Ὁ (qui) δὲ ἀποκριθεὶς (respondens) εἶπεν (ait), Οὐκ (non) ἀνέγνωτε (legistis) ὅτι (quia) ὁ κτίσας (qui fecit) ἀπ' ἀρχῆς (ab initio) ἄρσεν (masculum) καὶ θῆλυ (et feminam) ἐποίησεν (fecit) αὐτούς (eos) καὶ εἶπεν (et dixit), Ἕνεκα (propter) τούτου (hoc) καταλείψει (dimittet) ἄνθρωπος (homo) τὸν πατέρα (patrem) καὶ τὴν μητέρα (et matrem) καὶ κολληθήσεται (et adhaerebit) τῇ γυναικὶ (uxori) αὐτοῦ (suae), καὶ ἔσονται (et erunt) οἱ δύο (duo) εἰς (in) σάρκα (carne) μίαν (una). Ὥστε (itaque) οὐκέτι (iam non) εἰσὶ (sunt) δύο (duo), ἀλλὰ (sed) σὰρξ (caro) μία (una). Ὃ (quod) οὖν (ergo) ὁ Θεὸς (Deus) συνέζευξεν (coniunxit), ἄνθρωπος (homo) μὴ (non) χωριζέτω (separet). Ὁ δ(ὲ) οὖν (ergo et ille) ἦν ὁ (erat) Ἰησοῦς (Iesus) ἀπὸ (ab) τῆς Γαλιλαίας (Galilaea) καὶ (et) τῆς Ἰουδαίας (Iudaea) καὶ (et) πέραν (trans) τοῦ Ἰορδάνου (Iordanem) καὶ (et) ἠκολούθησαν (secutae sunt) αὐτῷ (eum) ὄχλοι (turbae) πολλοί (multae) καὶ ἐθεράπευσεν (curavit) αὐτοὺς (eos) ἐκεῖ (ibi). Καὶ προσῆλθον (accesserunt) αὐτῷ (ad eum) Φαρισαῖοι (Pharisaei) πειράζοντες (temptantes) αὐτὸν (eum) καὶ λέγοντες (dicentes), Εἰ (si) ἔξεστιν (licet) ἀνθρώπῳ (homini) ἀπολῦσαι (dimittere) τὴν γυναῖκα (uxorem) αὐτοῦ (suam) κατὰ (ex) πᾶσαν (quacumque) αἰτίαν (causa)? Ὁ (qui) δὲ ἀποκριθεὶς (respondens) εἶπεν (ait), Οὐκ (non) ἀνέγνωτε (legistis) ὅτι (quia) ὁ κτίσας (qui fecit) ἀπ' ἀρχῆς (ab initio) ἄρσεν (masculum) καὶ θῆλυ (et feminam) ἐποίησεν (fecit) αὐτούς (eos) καὶ εἶπεν (et dixit), Ἕνεκα (propter) τούτου (hoc) καταλείψει (dimittet) ἄνθρωπος (homo) τὸν πατέρα (patrem) καὶ τὴν μητέρα (et matrem) καὶ κολληθήσεται (et
